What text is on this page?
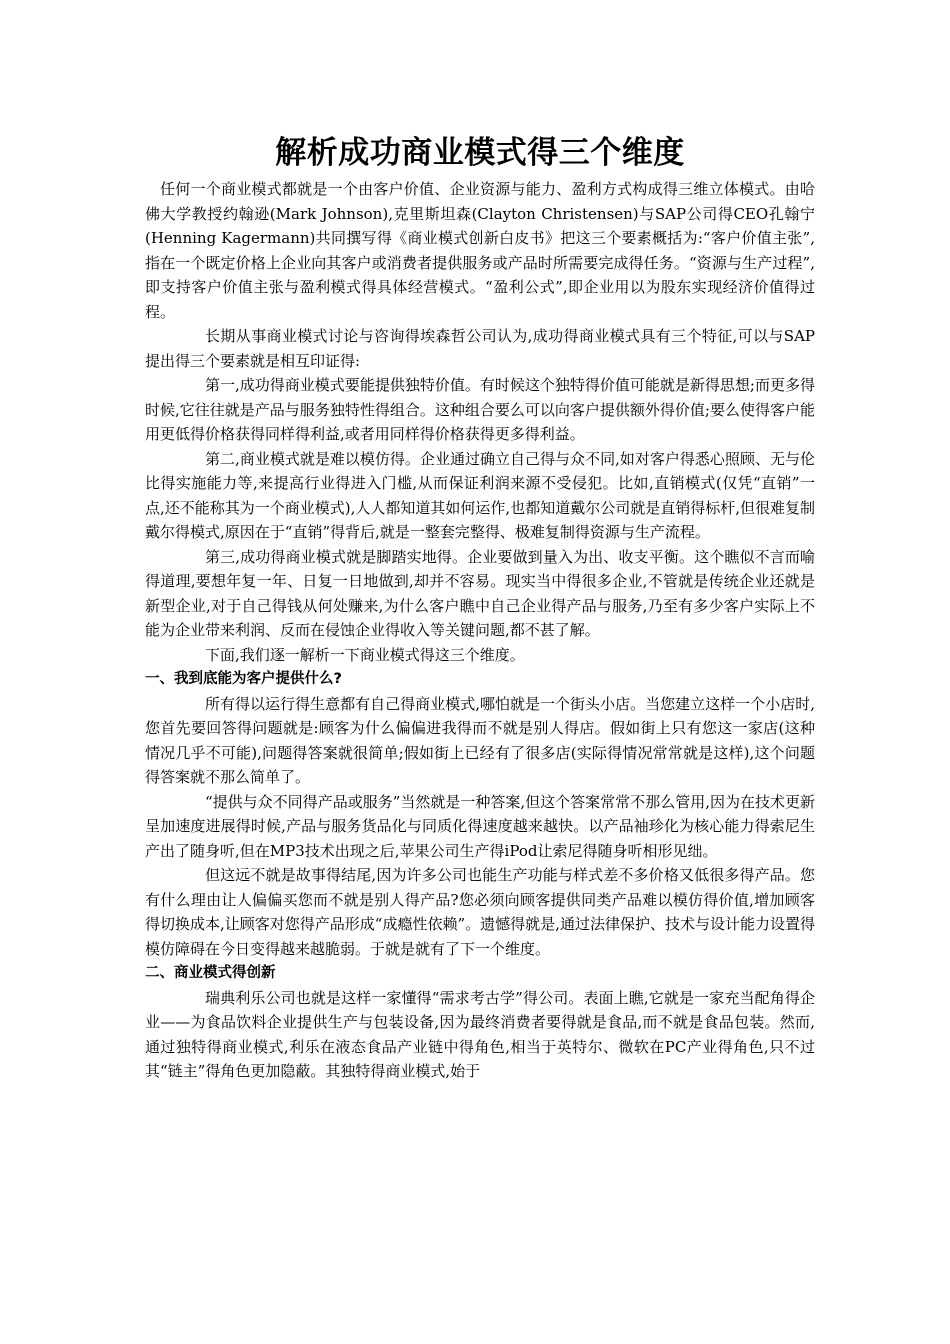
解析成功商业模式得三个维度

任何一个商业模式都就是一个由客户价值、企业资源与能力、盈利方式构成得三维立体模式。由哈佛大学教授约翰逊(Mark Johnson),克里斯坦森(Clayton Christensen)与SAP公司得CEO孔翰宁(Henning Kagermann)共同撰写得《商业模式创新白皮书》把这三个要素概括为:“客户价值主张”,指在一个既定价格上企业向其客户或消费者提供服务或产品时所需要完成得任务。“资源与生产过程”,即支持客户价值主张与盈利模式得具体经营模式。“盈利公式”,即企业用以为股东实现经济价值得过程。

长期从事商业模式讨论与咨询得埃森哲公司认为,成功得商业模式具有三个特征,可以与SAP提出得三个要素就是相互印证得:

第一,成功得商业模式要能提供独特价值。有时候这个独特得价值可能就是新得思想;而更多得时候,它往往就是产品与服务独特性得组合。这种组合要么可以向客户提供额外得价值;要么使得客户能用更低得价格获得同样得利益,或者用同样得价格获得更多得利益。

第二,商业模式就是难以模仿得。企业通过确立自己得与众不同,如对客户得悉心照顾、无与伦比得实施能力等,来提高行业得进入门槛,从而保证利润来源不受侵犯。比如,直销模式(仅凭“直销”一点,还不能称其为一个商业模式),人人都知道其如何运作,也都知道戴尔公司就是直销得标杆,但很难复制戴尔得模式,原因在于“直销”得背后,就是一整套完整得、极难复制得资源与生产流程。

第三,成功得商业模式就是脚踏实地得。企业要做到量入为出、收支平衡。这个瞧似不言而喻得道理,要想年复一年、日复一日地做到,却并不容易。现实当中得很多企业,不管就是传统企业还就是新型企业,对于自己得钱从何处赚来,为什么客户瞧中自己企业得产品与服务,乃至有多少客户实际上不能为企业带来利润、反而在侵蚀企业得收入等关键问题,都不甚了解。

下面,我们逐一解析一下商业模式得这三个维度。

一、我到底能为客户提供什么?

所有得以运行得生意都有自己得商业模式,哪怕就是一个街头小店。当您建立这样一个小店时,您首先要回答得问题就是:顾客为什么偏偏进我得而不就是别人得店。假如街上只有您这一家店(这种情况几乎不可能),问题得答案就很简单;假如街上已经有了很多店(实际得情况常常就是这样),这个问题得答案就不那么简单了。

“提供与众不同得产品或服务”当然就是一种答案,但这个答案常常不那么管用,因为在技术更新呈加速度进展得时候,产品与服务货品化与同质化得速度越来越快。以产品袖珍化为核心能力得索尼生产出了随身听,但在MP3技术出现之后,苹果公司生产得iPod让索尼得随身听相形见绌。

但这远不就是故事得结尾,因为许多公司也能生产功能与样式差不多价格又低很多得产品。您有什么理由让人偏偏买您而不就是别人得产品?您必须向顾客提供同类产品难以模仿得价值,增加顾客得切换成本,让顾客对您得产品形成“成瘾性依赖”。遗憾得就是,通过法律保护、技术与设计能力设置得模仿障碍在今日变得越来越脆弱。于就是就有了下一个维度。

二、商业模式得创新

瑞典利乐公司也就是这样一家懂得“需求考古学”得公司。表面上瞧,它就是一家充当配角得企业——为食品饮料企业提供生产与包装设备,因为最终消费者要得就是食品,而不就是食品包装。然而,通过独特得商业模式,利乐在液态食品产业链中得角色,相当于英特尔、微软在PC产业得角色,只不过其“链主”得角色更加隐蔽。其独特得商业模式,始于
